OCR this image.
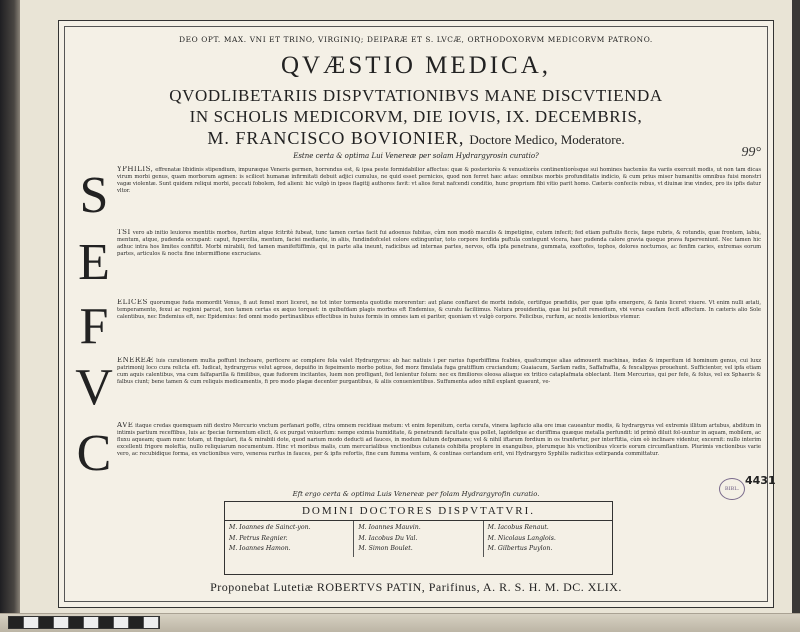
DEO OPT. MAX. VNI ET TRINO, VIRGINIQ; DEIPARÆ ET S. LVCÆ, ORTHODOXORVM MEDICORVM PATRONO.
QVÆSTIO MEDICA,
QVODLIBETARIIS DISPVTATIONIBVS MANE DISCVTIENDA
IN SCHOLIS MEDICORVM, DIE IOVIS, IX. DECEMBRIS,
M. FRANCISCO BOVIONIER, Doctore Medico, Moderatore.
Estne certa & optima Lui Venereæ per solam Hydrargyrosin curatio?	99°
S	YPHILIS, effrenatæ libidinis stipendium, impuræque Veneris germen, horrendus est, & ipsa peste formidabilior affectus: quæ & posteriorès & venustiorès continentiorèsque sui homines hactenùs ita variis exercuit modis, ut non tam dicas virum morbi genus, quam morborum agmen: is scilicet humanæ infirmitati debuit adjici cumulus, ne quid esset pernicios, quod non ferret hæc ætas: omnibus morbis profunditatis indicio, & cum prius miser humanitis omnibus fuisi monstri vagæ violentæ. Sunt quidem reliqui morbi, peccati fobolem, fed alieni: hic vulgò in ipsos flagitij authores favit: vt alios ferat nafcendi conditio, hunc proprium fibi vitio parit homo. Cæteris confeciis rebus, vt diuinæ iræ vindex, pro iis ipfis datur vltor.
E
TSI vero ab initio leuiores mentitis morbos, furtim atque fcitritè fubeat, tunc tamen certas facit fui adoenus fubitas, cùm non modò maculis & impetigine, cutem infecit; fed etiam puftulis ficcis, fæpe rubris, & rotundis, quæ frontem, labia, mentum, atque, pudenda occupant: caput, fupercilia, mentum, faciei mediante, in aliis, fundindofcelet colore extinguntur, toto corpore fordida puftula contegunt vlcera, hæc pudenda calore gravia quoque prava fuperveniunt. Nec tamen hic adhuc intra hos limites confiftit. Morbi mirabili, fed tamen manifeftiffimis, qui in parte alia ineunt, radicibus ad internas partes, nervos, offa ipfa penetrans, gummata, exoftofes, tophos, dolores nocturnos, ac fenfim caries, extremas eorum partes, articulos & noctu fine intermiffione excrucians.
F	ELICES quorumque fuda momordit Venus, fi aut femel mori liceret, ne tot inter tormenta quotidie morerentur: aut plane conftaret de morbi indole, certifque præfidiis, per quæ ipfis emergere, & fanis liceret viuere. Vt enim nulli ætati, temperamento, fexui ac regioni parcat, non tamen certas ex æquo torquet: in quibufdam plagis morbus eft Endemius, & curatu faciliimus. Natura prouidentia, quæ lui pefult remedium, vbi verus caufam fecit affectum. In cæteris alio Sole calentibus, nec Endemius eft, nec Epidemius: fed omni modo pertinaxlibus effectibus in huius formis in omnes iam ei pariter, quoniam vt vulgò corpore. Felicibus, rurfum, ac noxiis lenioribus vtemur.
V ENEREÆ luis curationem multa poffunt inchoare, perficere ac complere fola valet Hydrargyrus: ab hac natiuis i per rarius fuperbiffima fcabies, quafcumque alias admouerit machinas, indax & imperitum id hominum genus, cui luxz patrimonij loco cura relicta eft. Iudicat, hydrargyrus velut agroos, depuifio in fepeimento morbo potius, fed morz fimulata fuga gratiffium cruciandum; Guaiacum, Sarfam radix, Saffafraffia, & fexcalipyas prouehunt. Sufficienter, vel ipfa etiam cum aquis calentibus, vna cum falfaparilla & fimilibus, quæ fudorem incitantes, luem non profligant, fed lenientur folum: nec ex fimiliores oleosa aliaque ex tritico cataplafmata oblectant. Item Mercurius, qui per fefe, & folus, vel ex Sphaeris & falbus ciunt; bene tamen & cum reliquis medicamentis, fi pro modo plagæ decenter purgantibus, & aliis conuenientibus. Suffumenta adeo nihil explant quaeunt, ve-
C AVE itaque credas quemquam nifi dextro Mercurio vnctum perfanari poffe, citra omnem recidiuæ metum: vt enim fepenitum, certa cerufa, vinera lapfucio alia ore imæ caueantur modis, & hydrargyrus vel extremis illitum artubus, abditum in intimis partium receffibus, luis ac fpeciæ fermentum elicit, & ex purgat vniuerfum: nempe eximia humiditate, & penetrandi facultate qua pollet, lapidefque ac duriffima quæque metalla perfundit: id primò diluit fol-uuntur in aquam, mobilem, ac fluxu aqueam; quam nunc totam, ut fingulari, ita & mirabili dote, quod narium modo deducti ad fauces, in modum falium defpumans; vel & nihil iftarum fordium in os tranfertur, per interftitia, cùm eò inclinare videntur, excernit: nullo interim excellenti frigore moleftia, nullo reliquiarum nocumentum. Hinc vt moribus malis, cum mercurialibus vnctionibus cutaneis cohibita proptere in exanguibus, pterumque his vnctionibus vlceris eorum circumflantium. Plurimis vnctionibus varie vero, ac recubidique forma, ex vnctionibus vero, venerea rurfus in fauces, per & ipfis refortis, fine cum fumma ventum, & continas certandum erit, vni Hydrargyro Syphilis radicitus extirpanda committatur.
Eft ergo certa & optima Luis Venereæ per folam Hydrargyrofin curatio.
DOMINI DOCTORES DISPVTATVRI.
M. Ioannes de Sainct-yon.
M. Petrus Regnier.
M. Ioannes Hamon.
M. Ioannes Mauvin.
M. Iacobus Du Val.
M. Simon Boulet.
M. Iacobus Renaut.
M. Nicolaus Langlois.
M. Gilbertus Puylon.
Proponebat Lutetiæ ROBERTVS PATIN, Parifinus, A. R. S. H. M. DC. XLIX.
BIBL.
4431
